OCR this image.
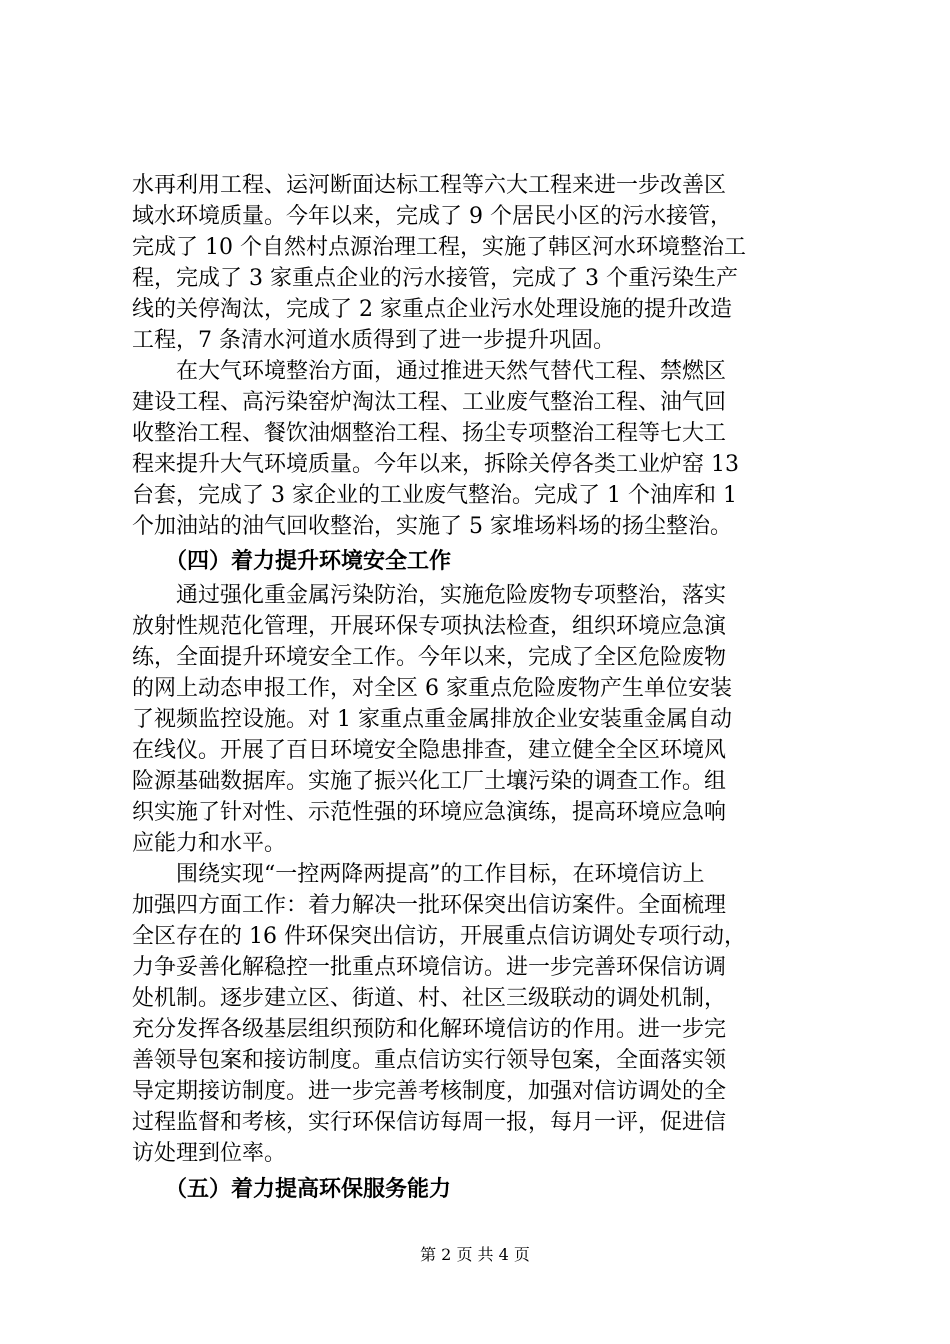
水再利用工程、运河断面达标工程等六大工程来进一步改善区
域水环境质量。今年以来，完成了 9 个居民小区的污水接管，
完成了 10 个自然村点源治理工程，实施了韩区河水环境整治工
程，完成了 3 家重点企业的污水接管，完成了 3 个重污染生产
线的关停淘汰，完成了 2 家重点企业污水处理设施的提升改造
工程，7 条清水河道水质得到了进一步提升巩固。
　　在大气环境整治方面，通过推进天然气替代工程、禁燃区
建设工程、高污染窑炉淘汰工程、工业废气整治工程、油气回
收整治工程、餐饮油烟整治工程、扬尘专项整治工程等七大工
程来提升大气环境质量。今年以来，拆除关停各类工业炉窑 13
台套，完成了 3 家企业的工业废气整治。完成了 1 个油库和 1
个加油站的油气回收整治，实施了 5 家堆场料场的扬尘整治。
　　（四）着力提升环境安全工作
　　通过强化重金属污染防治，实施危险废物专项整治，落实
放射性规范化管理，开展环保专项执法检查，组织环境应急演
练，全面提升环境安全工作。今年以来，完成了全区危险废物
的网上动态申报工作，对全区 6 家重点危险废物产生单位安装
了视频监控设施。对 1 家重点重金属排放企业安装重金属自动
在线仪。开展了百日环境安全隐患排查，建立健全全区环境风
险源基础数据库。实施了振兴化工厂土壤污染的调查工作。组
织实施了针对性、示范性强的环境应急演练，提高环境应急响
应能力和水平。
　　围绕实现“一控两降两提高”的工作目标，在环境信访上
加强四方面工作：着力解决一批环保突出信访案件。全面梳理
全区存在的 16 件环保突出信访，开展重点信访调处专项行动，
力争妥善化解稳控一批重点环境信访。进一步完善环保信访调
处机制。逐步建立区、街道、村、社区三级联动的调处机制，
充分发挥各级基层组织预防和化解环境信访的作用。进一步完
善领导包案和接访制度。重点信访实行领导包案，全面落实领
导定期接访制度。进一步完善考核制度，加强对信访调处的全
过程监督和考核，实行环保信访每周一报，每月一评，促进信
访处理到位率。
　　（五）着力提高环保服务能力
第 2 页 共 4 页
